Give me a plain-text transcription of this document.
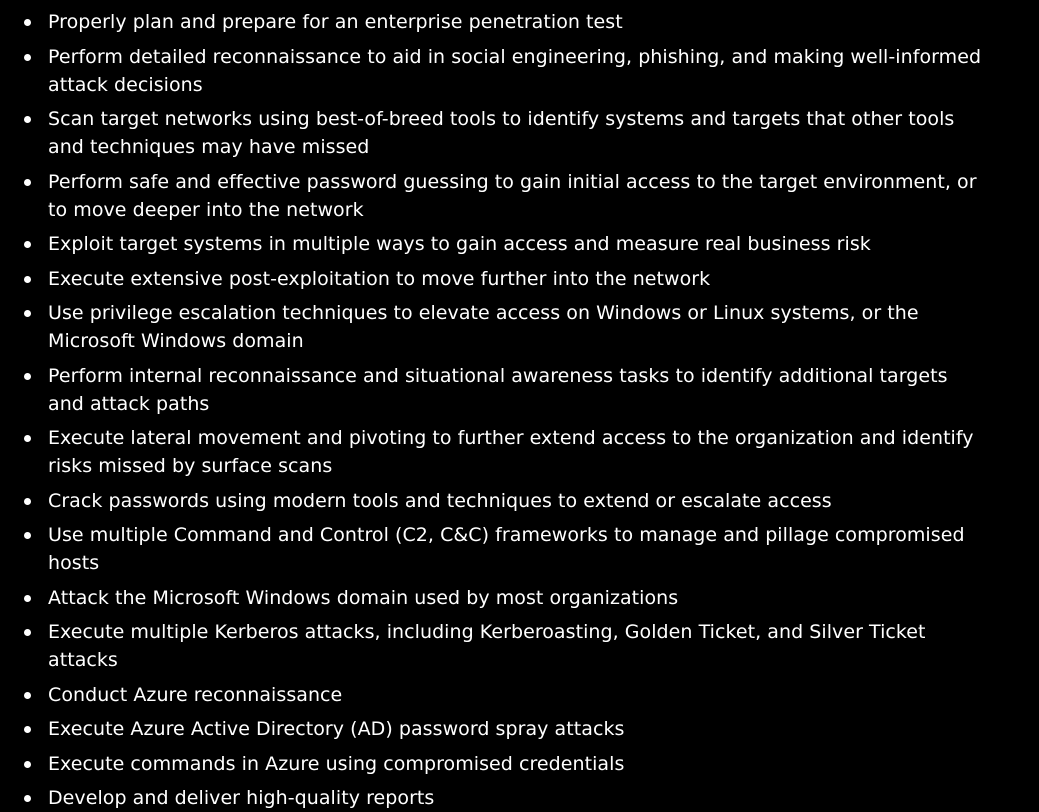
Properly plan and prepare for an enterprise penetration test
Perform detailed reconnaissance to aid in social engineering, phishing, and making well-informed attack decisions
Scan target networks using best-of-breed tools to identify systems and targets that other tools and techniques may have missed
Perform safe and effective password guessing to gain initial access to the target environment, or to move deeper into the network
Exploit target systems in multiple ways to gain access and measure real business risk
Execute extensive post-exploitation to move further into the network
Use privilege escalation techniques to elevate access on Windows or Linux systems, or the Microsoft Windows domain
Perform internal reconnaissance and situational awareness tasks to identify additional targets and attack paths
Execute lateral movement and pivoting to further extend access to the organization and identify risks missed by surface scans
Crack passwords using modern tools and techniques to extend or escalate access
Use multiple Command and Control (C2, C&C) frameworks to manage and pillage compromised hosts
Attack the Microsoft Windows domain used by most organizations
Execute multiple Kerberos attacks, including Kerberoasting, Golden Ticket, and Silver Ticket attacks
Conduct Azure reconnaissance
Execute Azure Active Directory (AD) password spray attacks
Execute commands in Azure using compromised credentials
Develop and deliver high-quality reports
